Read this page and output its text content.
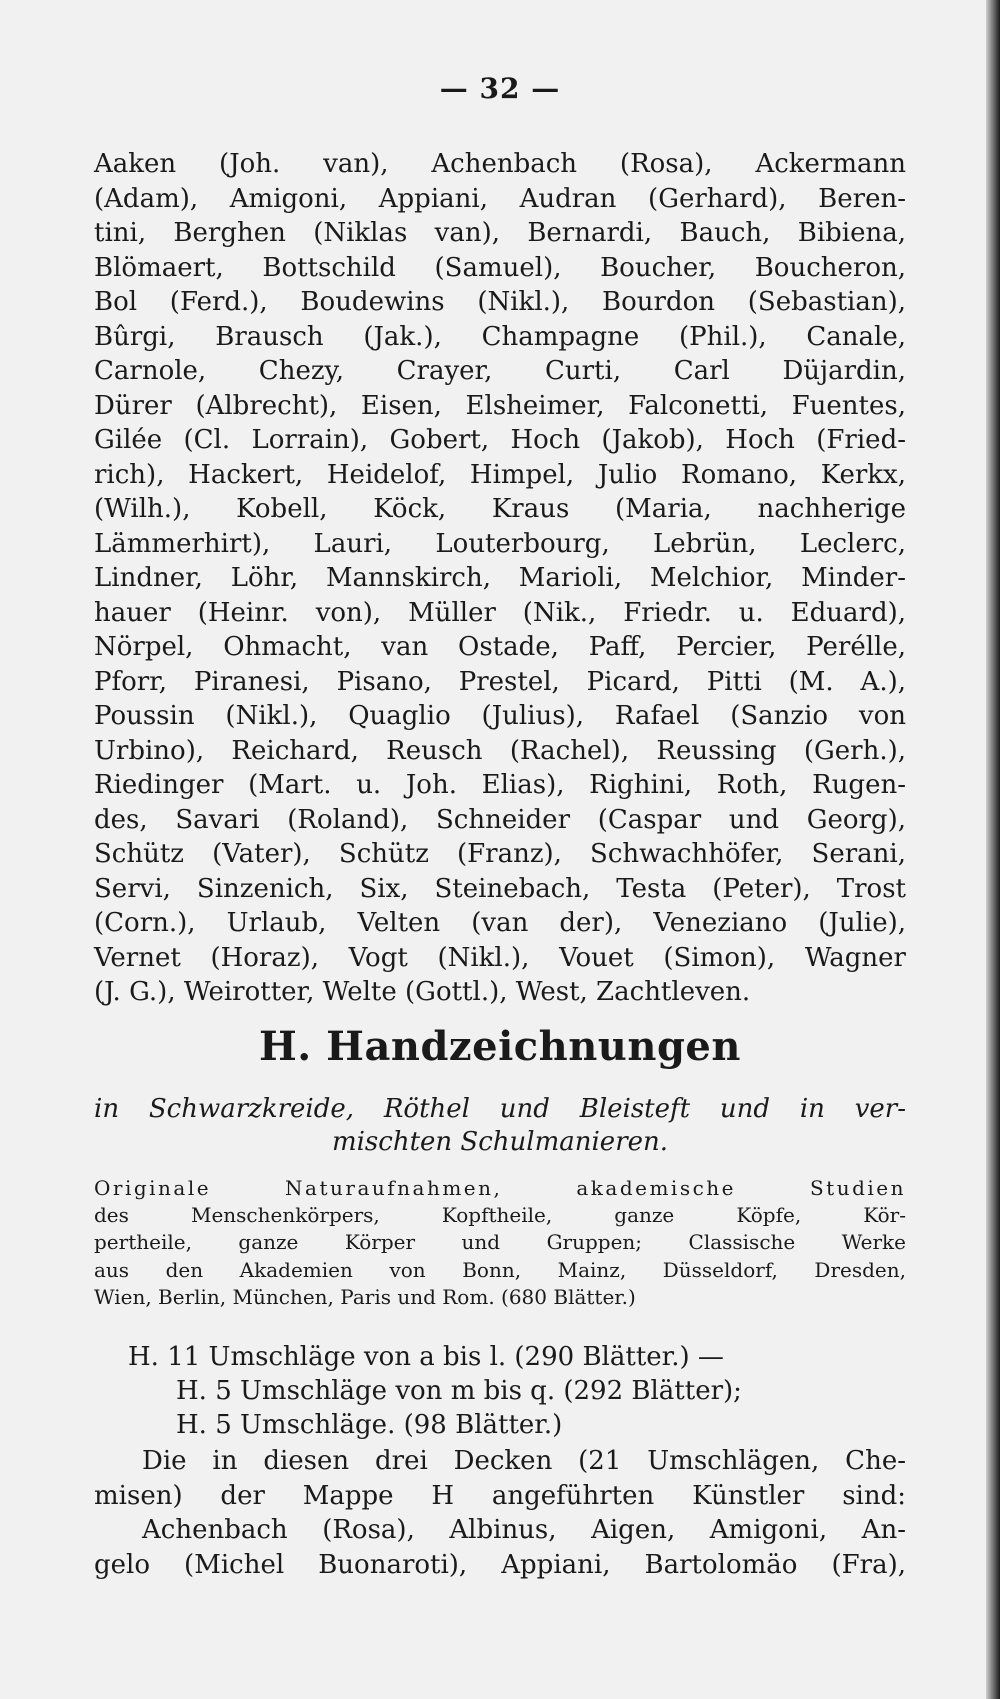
— 32 —
Aaken (Joh. van), Achenbach (Rosa), Ackermann
(Adam), Amigoni, Appiani, Audran (Gerhard), Beren-
tini, Berghen (Niklas van), Bernardi, Bauch, Bibiena,
Blömaert, Bottschild (Samuel), Boucher, Boucheron,
Bol (Ferd.), Boudewins (Nikl.), Bourdon (Sebastian),
Bûrgi, Brausch (Jak.), Champagne (Phil.), Canale,
Carnole, Chezy, Crayer, Curti, Carl Düjardin,
Dürer (Albrecht), Eisen, Elsheimer, Falconetti, Fuentes,
Gilée (Cl. Lorrain), Gobert, Hoch (Jakob), Hoch (Fried-
rich), Hackert, Heidelof, Himpel, Julio Romano, Kerkx,
(Wilh.), Kobell, Köck, Kraus (Maria, nachherige
Lämmerhirt), Lauri, Louterbourg, Lebrün, Leclerc,
Lindner, Löhr, Mannskirch, Marioli, Melchior, Minder-
hauer (Heinr. von), Müller (Nik., Friedr. u. Eduard),
Nörpel, Ohmacht, van Ostade, Paff, Percier, Perélle,
Pforr, Piranesi, Pisano, Prestel, Picard, Pitti (M. A.),
Poussin (Nikl.), Quaglio (Julius), Rafael (Sanzio von
Urbino), Reichard, Reusch (Rachel), Reussing (Gerh.),
Riedinger (Mart. u. Joh. Elias), Righini, Roth, Rugen-
des, Savari (Roland), Schneider (Caspar und Georg),
Schütz (Vater), Schütz (Franz), Schwachhöfer, Serani,
Servi, Sinzenich, Six, Steinebach, Testa (Peter), Trost
(Corn.), Urlaub, Velten (van der), Veneziano (Julie),
Vernet (Horaz), Vogt (Nikl.), Vouet (Simon), Wagner
(J. G.), Weirotter, Welte (Gottl.), West, Zachtleven.
H. Handzeichnungen
in Schwarzkreide, Röthel und Bleisteft und in ver-
mischten Schulmanieren.
Originale Naturaufnahmen, akademische Studien
des Menschenkörpers, Kopftheile, ganze Köpfe, Kör-
pertheile, ganze Körper und Gruppen; Classische Werke
aus den Akademien von Bonn, Mainz, Düsseldorf, Dresden,
Wien, Berlin, München, Paris und Rom. (680 Blätter.)
H. 11 Umschläge von a bis l. (290 Blätter.) —
H. 5 Umschläge von m bis q. (292 Blätter);
H. 5 Umschläge. (98 Blätter.)
Die in diesen drei Decken (21 Umschlägen, Che-
misen) der Mappe H angeführten Künstler sind:
Achenbach (Rosa), Albinus, Aigen, Amigoni, An-
gelo (Michel Buonaroti), Appiani, Bartolomäo (Fra),
